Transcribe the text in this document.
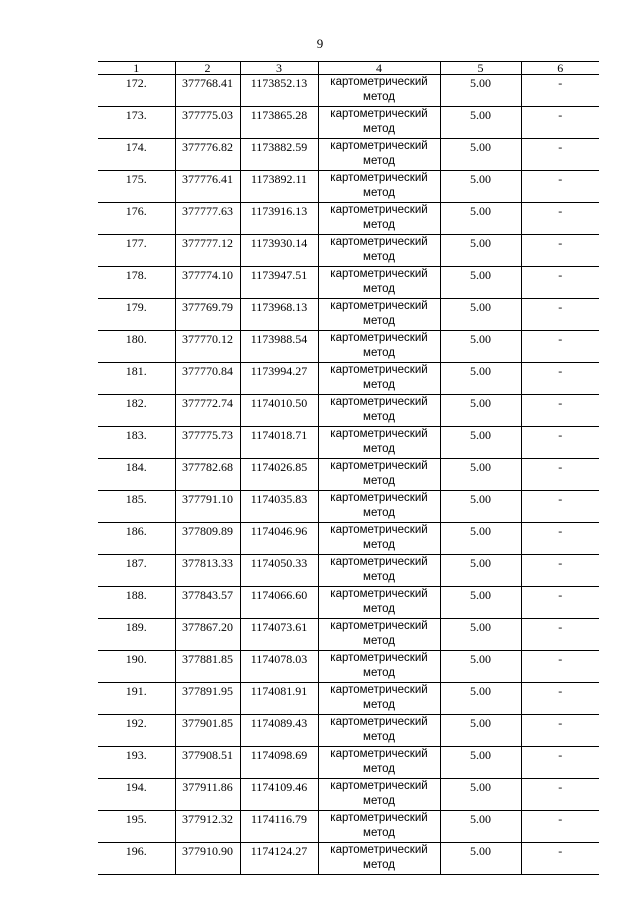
9
1	2	3	4	5	6
172.	377768.41	1173852.13	картометрический метод	5.00	-
173.	377775.03	1173865.28	картометрический метод	5.00	-
174.	377776.82	1173882.59	картометрический метод	5.00	-
175.	377776.41	1173892.11	картометрический метод	5.00	-
176.	377777.63	1173916.13	картометрический метод	5.00	-
177.	377777.12	1173930.14	картометрический метод	5.00	-
178.	377774.10	1173947.51	картометрический метод	5.00	-
179.	377769.79	1173968.13	картометрический метод	5.00	-
180.	377770.12	1173988.54	картометрический метод	5.00	-
181.	377770.84	1173994.27	картометрический метод	5.00	-
182.	377772.74	1174010.50	картометрический метод	5.00	-
183.	377775.73	1174018.71	картометрический метод	5.00	-
184.	377782.68	1174026.85	картометрический метод	5.00	-
185.	377791.10	1174035.83	картометрический метод	5.00	-
186.	377809.89	1174046.96	картометрический метод	5.00	-
187.	377813.33	1174050.33	картометрический метод	5.00	-
188.	377843.57	1174066.60	картометрический метод	5.00	-
189.	377867.20	1174073.61	картометрический метод	5.00	-
190.	377881.85	1174078.03	картометрический метод	5.00	-
191.	377891.95	1174081.91	картометрический метод	5.00	-
192.	377901.85	1174089.43	картометрический метод	5.00	-
193.	377908.51	1174098.69	картометрический метод	5.00	-
194.	377911.86	1174109.46	картометрический метод	5.00	-
195.	377912.32	1174116.79	картометрический метод	5.00	-
196.	377910.90	1174124.27	картометрический метод	5.00	-
